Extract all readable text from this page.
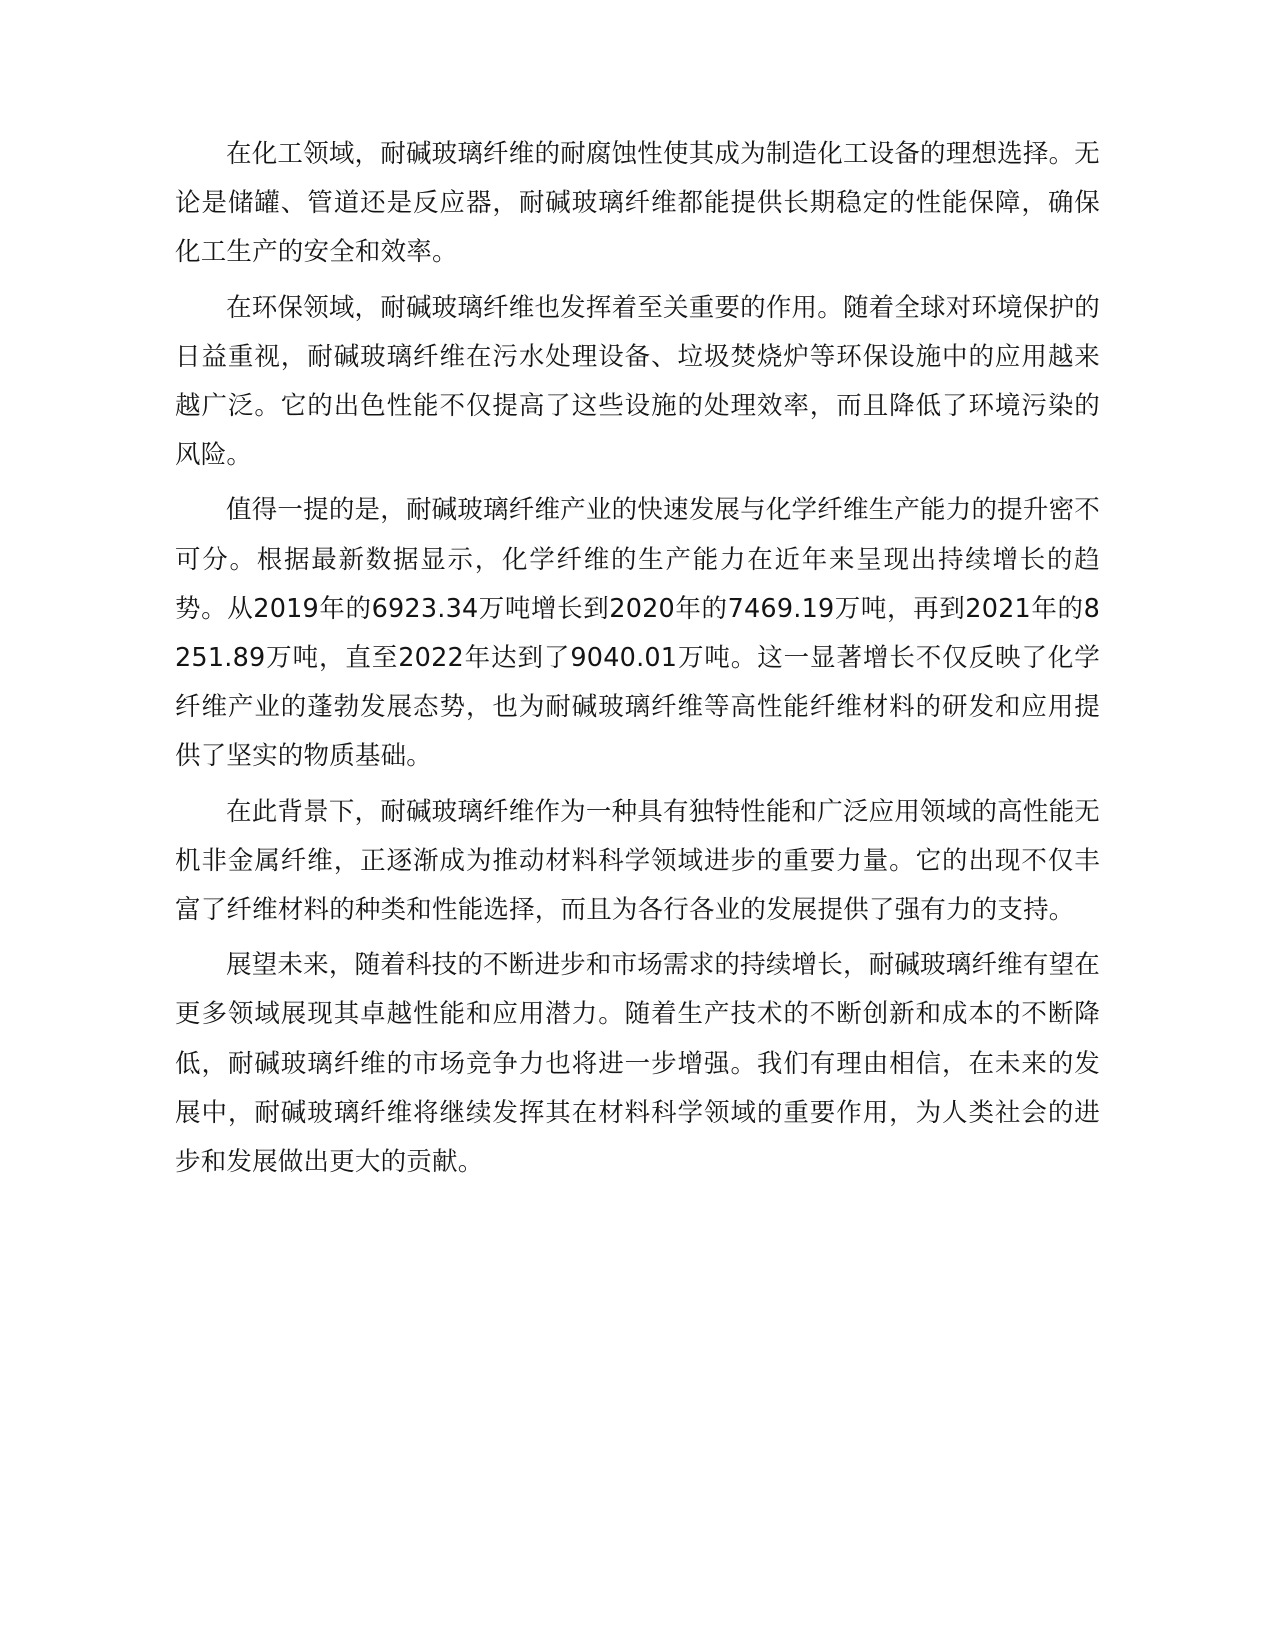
在化工领域，耐碱玻璃纤维的耐腐蚀性使其成为制造化工设备的理想选择。无论是储罐、管道还是反应器，耐碱玻璃纤维都能提供长期稳定的性能保障，确保化工生产的安全和效率。

在环保领域，耐碱玻璃纤维也发挥着至关重要的作用。随着全球对环境保护的日益重视，耐碱玻璃纤维在污水处理设备、垃圾焚烧炉等环保设施中的应用越来越广泛。它的出色性能不仅提高了这些设施的处理效率，而且降低了环境污染的风险。

值得一提的是，耐碱玻璃纤维产业的快速发展与化学纤维生产能力的提升密不可分。根据最新数据显示，化学纤维的生产能力在近年来呈现出持续增长的趋势。从2019年的6923.34万吨增长到2020年的7469.19万吨，再到2021年的8251.89万吨，直至2022年达到了9040.01万吨。这一显著增长不仅反映了化学纤维产业的蓬勃发展态势，也为耐碱玻璃纤维等高性能纤维材料的研发和应用提供了坚实的物质基础。

在此背景下，耐碱玻璃纤维作为一种具有独特性能和广泛应用领域的高性能无机非金属纤维，正逐渐成为推动材料科学领域进步的重要力量。它的出现不仅丰富了纤维材料的种类和性能选择，而且为各行各业的发展提供了强有力的支持。

展望未来，随着科技的不断进步和市场需求的持续增长，耐碱玻璃纤维有望在更多领域展现其卓越性能和应用潜力。随着生产技术的不断创新和成本的不断降低，耐碱玻璃纤维的市场竞争力也将进一步增强。我们有理由相信，在未来的发展中，耐碱玻璃纤维将继续发挥其在材料科学领域的重要作用，为人类社会的进步和发展做出更大的贡献。
